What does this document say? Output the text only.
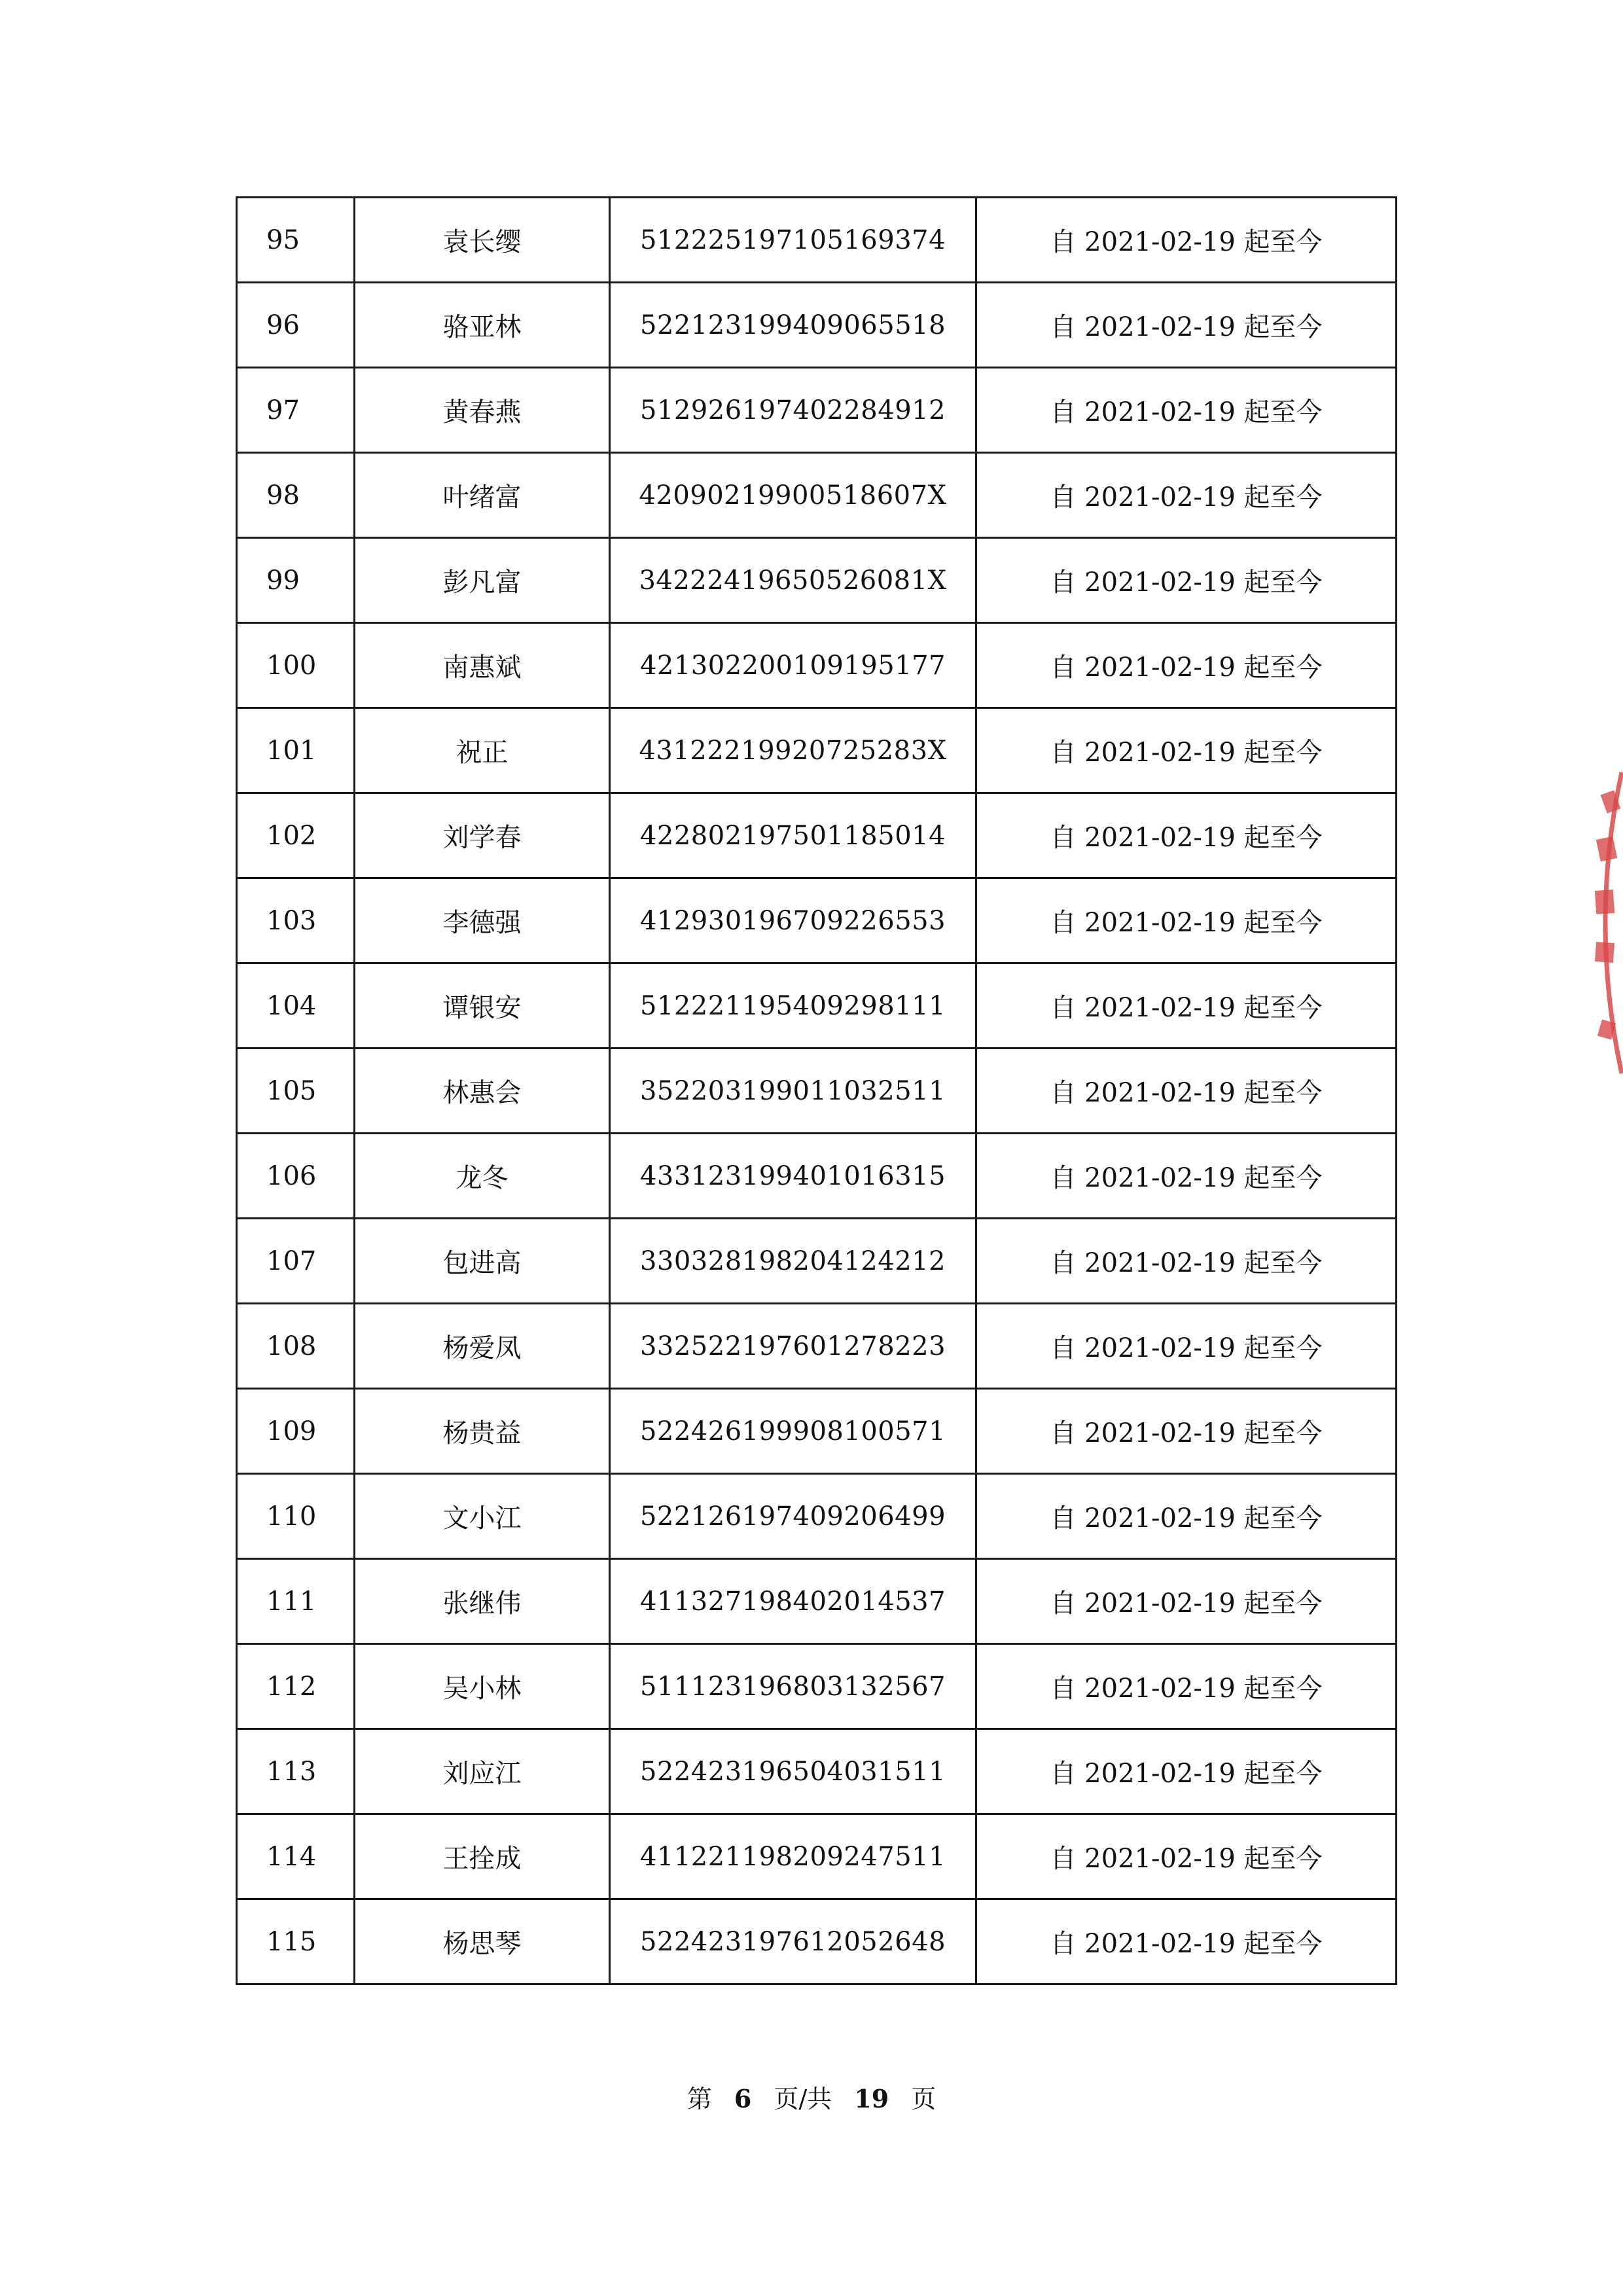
95	袁长缨	512225197105169374	自 2021-02-19 起至今
96	骆亚林	522123199409065518	自 2021-02-19 起至今
97	黄春燕	512926197402284912	自 2021-02-19 起至今
98	叶绪富	42090219900518607X	自 2021-02-19 起至今
99	彭凡富	34222419650526081X	自 2021-02-19 起至今
100	南惠斌	421302200109195177	自 2021-02-19 起至今
101	祝正	43122219920725283X	自 2021-02-19 起至今
102	刘学春	422802197501185014	自 2021-02-19 起至今
103	李德强	412930196709226553	自 2021-02-19 起至今
104	谭银安	512221195409298111	自 2021-02-19 起至今
105	林惠会	352203199011032511	自 2021-02-19 起至今
106	龙冬	433123199401016315	自 2021-02-19 起至今
107	包进高	330328198204124212	自 2021-02-19 起至今
108	杨爱凤	332522197601278223	自 2021-02-19 起至今
109	杨贵益	522426199908100571	自 2021-02-19 起至今
110	文小江	522126197409206499	自 2021-02-19 起至今
111	张继伟	411327198402014537	自 2021-02-19 起至今
112	吴小林	511123196803132567	自 2021-02-19 起至今
113	刘应江	522423196504031511	自 2021-02-19 起至今
114	王拴成	411221198209247511	自 2021-02-19 起至今
115	杨思琴	522423197612052648	自 2021-02-19 起至今
第 6 页/共 19 页
